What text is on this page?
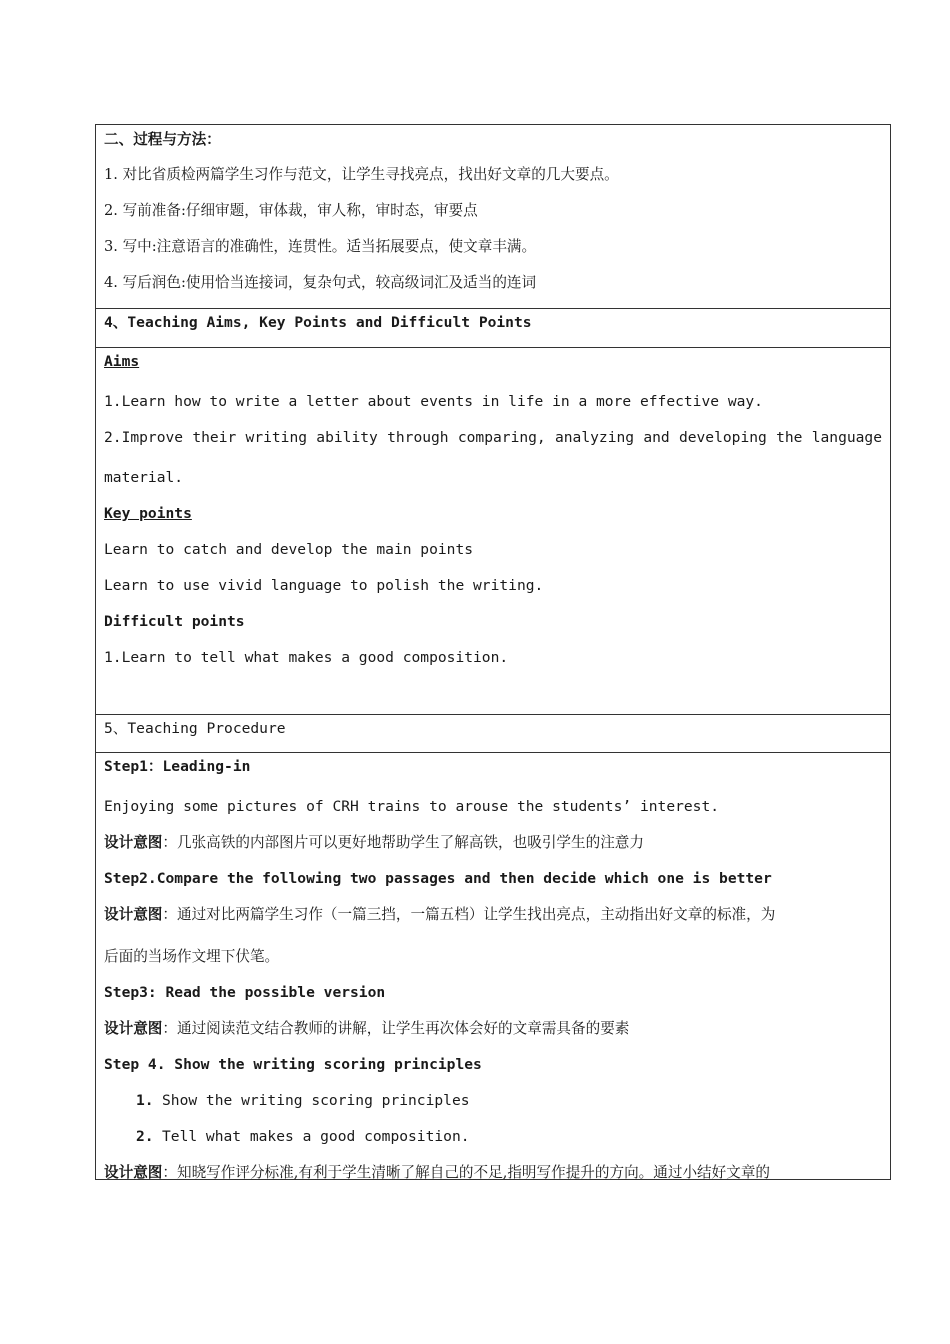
二、过程与方法：
1. 对比省质检两篇学生习作与范文，让学生寻找亮点，找出好文章的几大要点。
2. 写前准备:仔细审题，审体裁，审人称，审时态，审要点
3. 写中:注意语言的准确性，连贯性。适当拓展要点，使文章丰满。
4. 写后润色:使用恰当连接词，复杂句式，较高级词汇及适当的连词
4、Teaching Aims, Key Points and Difficult Points
Aims
1.Learn how to write a letter about events in life in a more effective way.
2.Improve their writing ability through comparing, analyzing and developing the language
material.
Key points
Learn to catch and develop the main points
Learn to use vivid language to polish the writing.
Difficult points
1.Learn to tell what makes a good composition.
5、Teaching Procedure
Step1：Leading-in
Enjoying some pictures of CRH trains to arouse the students’ interest.
设计意图：几张高铁的内部图片可以更好地帮助学生了解高铁，也吸引学生的注意力
Step2.Compare the following two passages and then decide which one is better
设计意图：通过对比两篇学生习作（一篇三挡，一篇五档）让学生找出亮点，主动指出好文章的标准，为
后面的当场作文埋下伏笔。
Step3: Read the possible version
设计意图：通过阅读范文结合教师的讲解，让学生再次体会好的文章需具备的要素
Step 4. Show the writing scoring principles
1. Show the writing scoring principles
2. Tell what makes a good composition.
设计意图：知晓写作评分标准,有利于学生清晰了解自己的不足,指明写作提升的方向。通过小结好文章的
